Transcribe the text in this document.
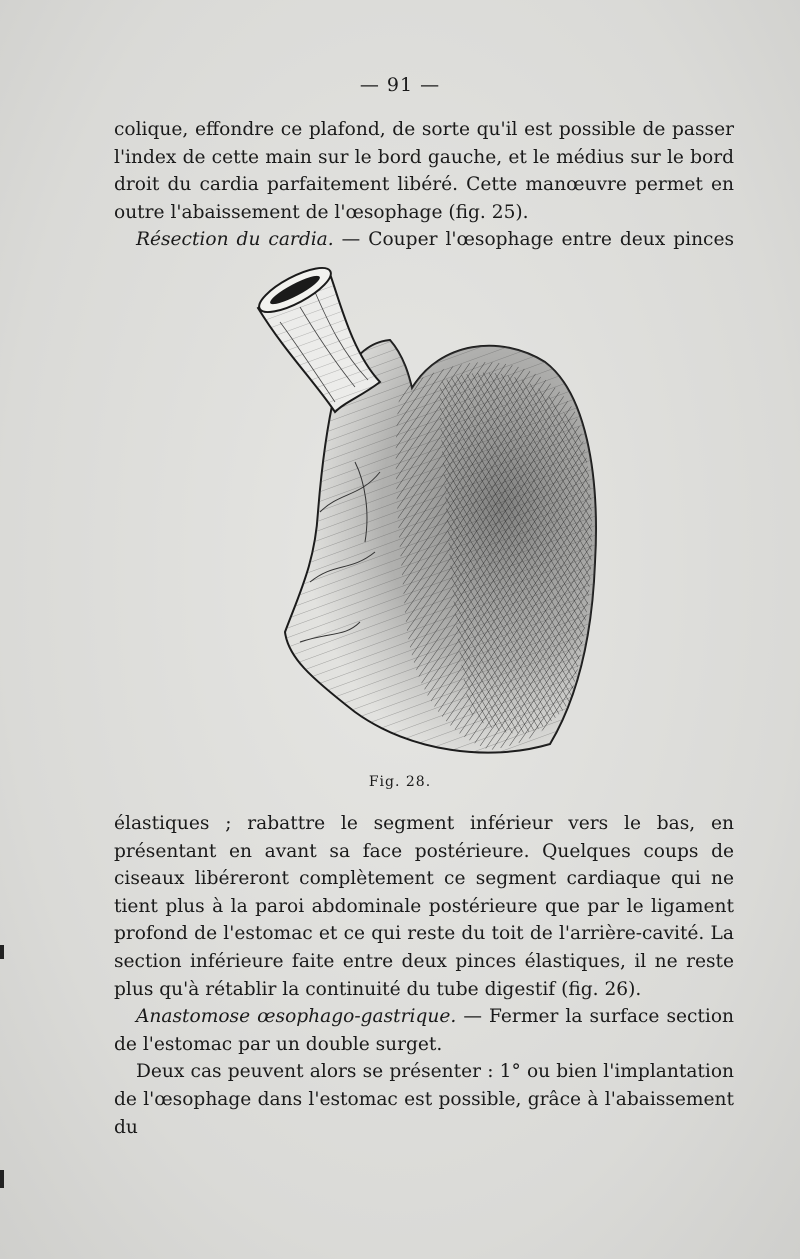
— 91 —

colique, effondre ce plafond, de sorte qu'il est possible de passer l'index de cette main sur le bord gauche, et le médius sur le bord droit du cardia parfaitement libéré. Cette manœuvre permet en outre l'abaissement de l'œsophage (fig. 25).

Résection du cardia. — Couper l'œsophage entre deux pinces

Fig. 28.

élastiques ; rabattre le segment inférieur vers le bas, en présentant en avant sa face postérieure. Quelques coups de ciseaux libéreront complètement ce segment cardiaque qui ne tient plus à la paroi abdominale postérieure que par le ligament profond de l'estomac et ce qui reste du toit de l'arrière-cavité. La section inférieure faite entre deux pinces élastiques, il ne reste plus qu'à rétablir la continuité du tube digestif (fig. 26).

Anastomose œsophago-gastrique. — Fermer la surface section de l'estomac par un double surget.

Deux cas peuvent alors se présenter : 1° ou bien l'implantation de l'œsophage dans l'estomac est possible, grâce à l'abaissement du
